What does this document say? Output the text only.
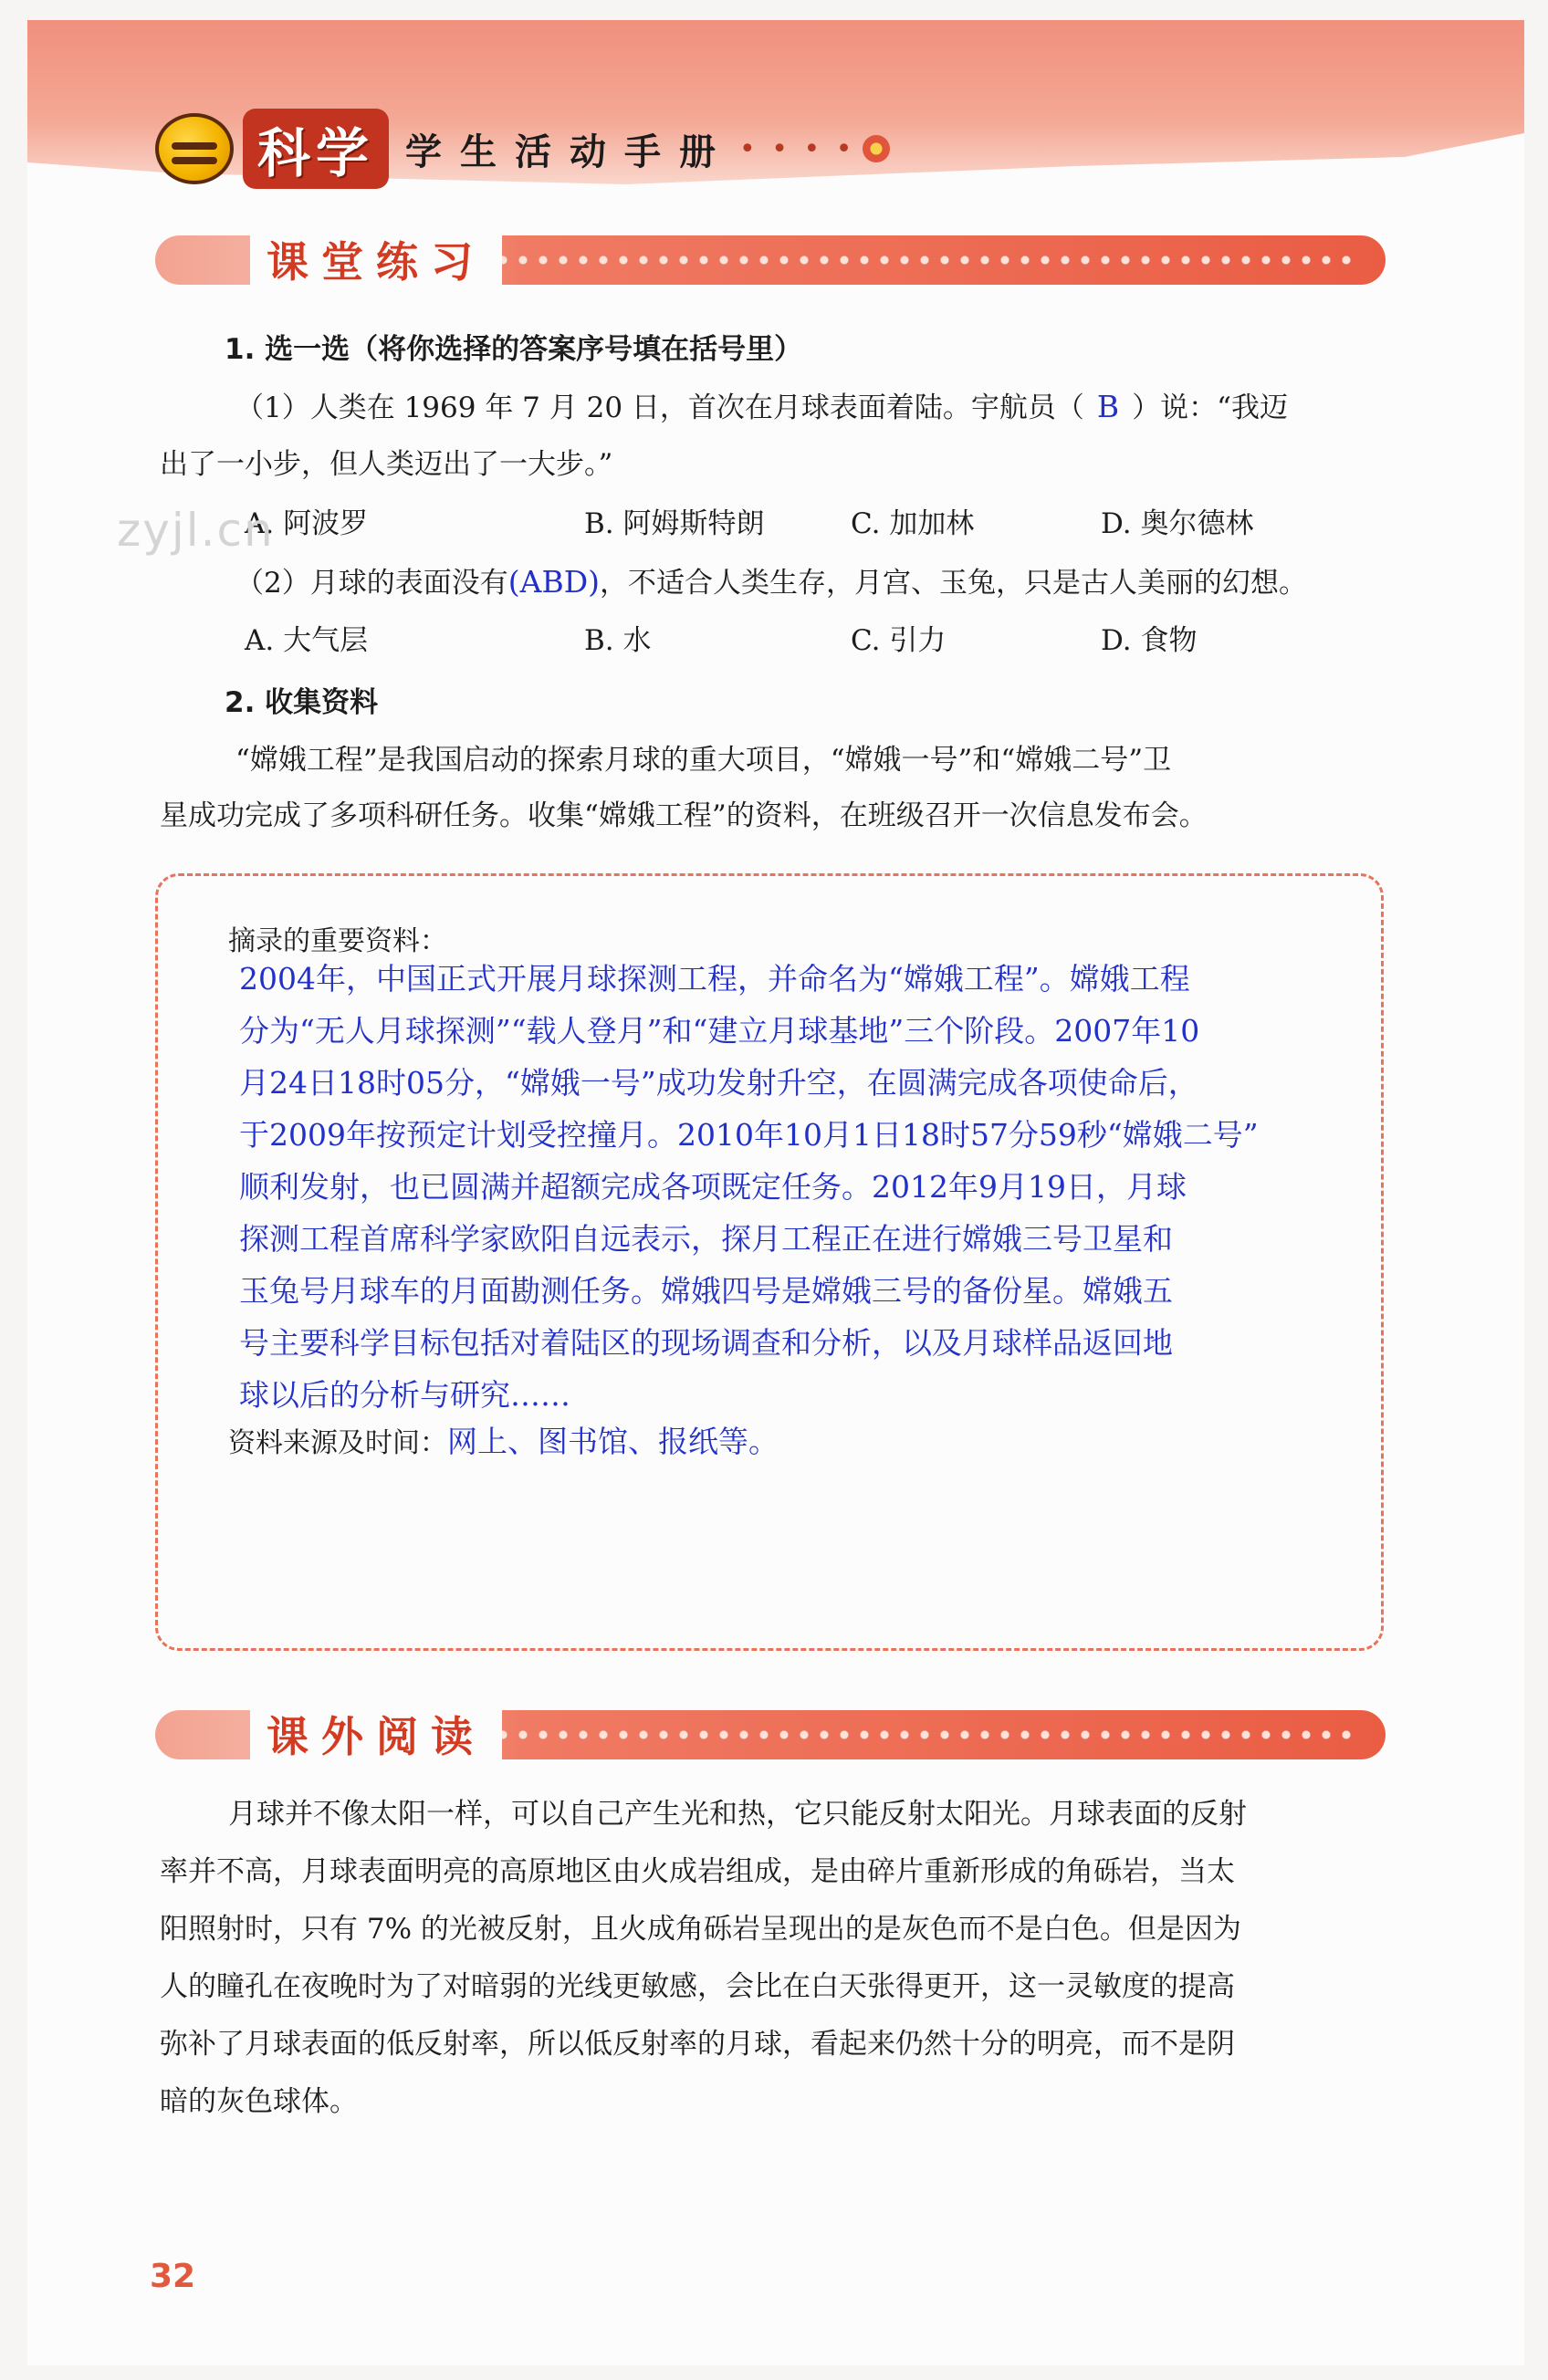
科学 学生活动手册 • • • •
课堂练习
1. 选一选（将你选择的答案序号填在括号里）
（1）人类在 1969 年 7 月 20 日，首次在月球表面着陆。宇航员（ B ）说：“我迈
出了一小步，但人类迈出了一大步。”
A. 阿波罗	B. 阿姆斯特朗	C. 加加林	D. 奥尔德林
（2）月球的表面没有(ABD)，不适合人类生存，月宫、玉兔，只是古人美丽的幻想。
A. 大气层	B. 水	C. 引力	D. 食物
2. 收集资料
“嫦娥工程”是我国启动的探索月球的重大项目，“嫦娥一号”和“嫦娥二号”卫
星成功完成了多项科研任务。收集“嫦娥工程”的资料，在班级召开一次信息发布会。
zyjl.cn
摘录的重要资料：
2004年，中国正式开展月球探测工程，并命名为“嫦娥工程”。嫦娥工程
分为“无人月球探测”“载人登月”和“建立月球基地”三个阶段。2007年10
月24日18时05分，“嫦娥一号”成功发射升空，在圆满完成各项使命后，
于2009年按预定计划受控撞月。2010年10月1日18时57分59秒“嫦娥二号”
顺利发射，也已圆满并超额完成各项既定任务。2012年9月19日，月球
探测工程首席科学家欧阳自远表示，探月工程正在进行嫦娥三号卫星和
玉兔号月球车的月面勘测任务。嫦娥四号是嫦娥三号的备份星。嫦娥五
号主要科学目标包括对着陆区的现场调查和分析，以及月球样品返回地
球以后的分析与研究……
资料来源及时间：网上、图书馆、报纸等。
课外阅读
月球并不像太阳一样，可以自己产生光和热，它只能反射太阳光。月球表面的反射
率并不高，月球表面明亮的高原地区由火成岩组成，是由碎片重新形成的角砾岩，当太
阳照射时，只有 7% 的光被反射，且火成角砾岩呈现出的是灰色而不是白色。但是因为
人的瞳孔在夜晚时为了对暗弱的光线更敏感，会比在白天张得更开，这一灵敏度的提高
弥补了月球表面的低反射率，所以低反射率的月球，看起来仍然十分的明亮，而不是阴
暗的灰色球体。
32
